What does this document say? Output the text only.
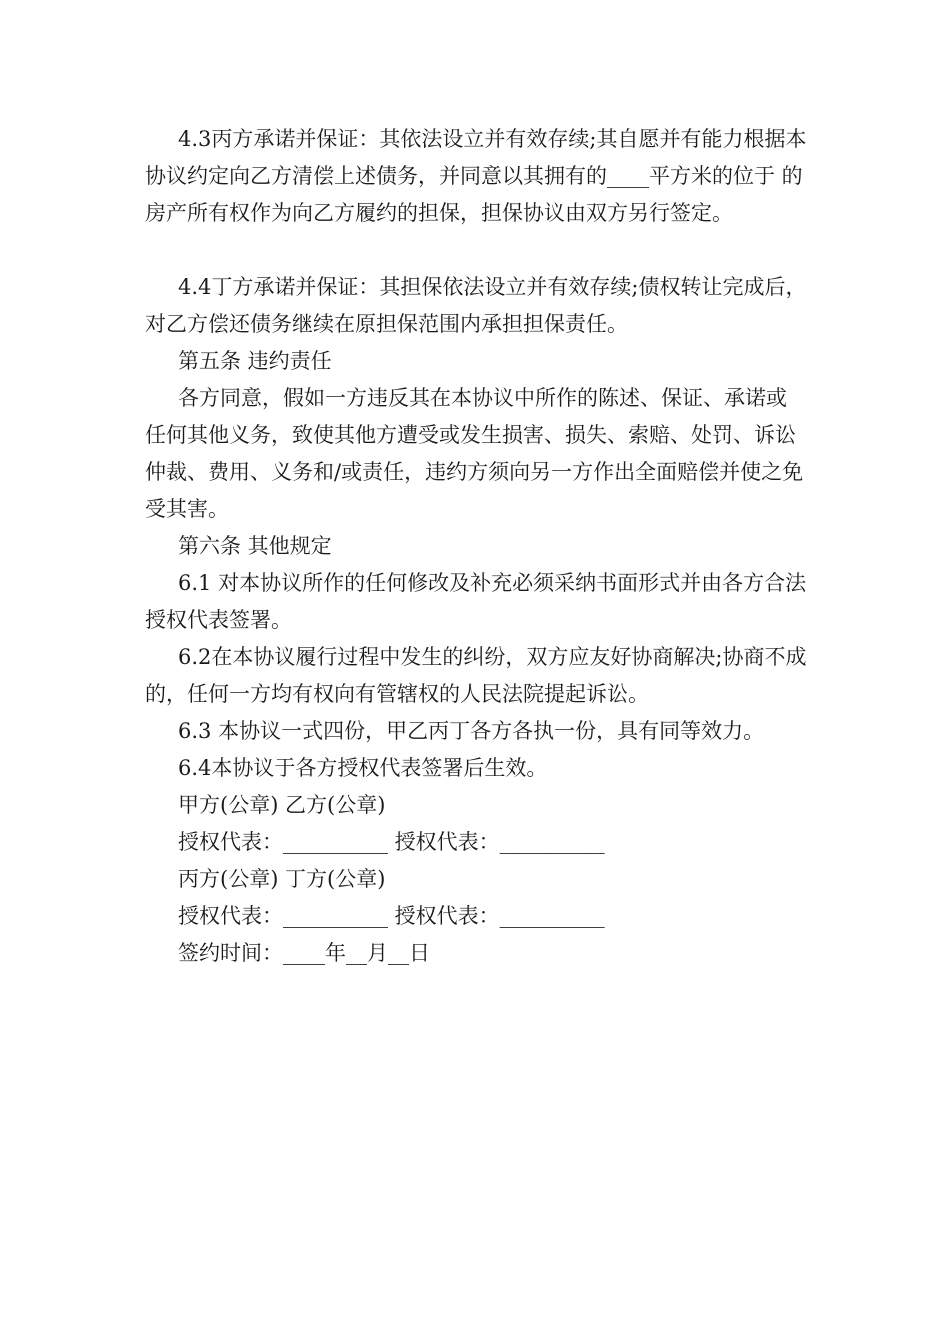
4.3丙方承诺并保证：其依法设立并有效存续;其自愿并有能力根据本协议约定向乙方清偿上述债务，并同意以其拥有的____平方米的位于 的房产所有权作为向乙方履约的担保，担保协议由双方另行签定。

4.4丁方承诺并保证：其担保依法设立并有效存续;债权转让完成后，对乙方偿还债务继续在原担保范围内承担担保责任。

第五条 违约责任

各方同意，假如一方违反其在本协议中所作的陈述、保证、承诺或任何其他义务，致使其他方遭受或发生损害、损失、索赔、处罚、诉讼仲裁、费用、义务和/或责任，违约方须向另一方作出全面赔偿并使之免受其害。

第六条 其他规定

6.1 对本协议所作的任何修改及补充必须采纳书面形式并由各方合法授权代表签署。

6.2在本协议履行过程中发生的纠纷，双方应友好协商解决;协商不成的，任何一方均有权向有管辖权的人民法院提起诉讼。

6.3 本协议一式四份，甲乙丙丁各方各执一份，具有同等效力。

6.4本协议于各方授权代表签署后生效。

甲方(公章) 乙方(公章)

授权代表：__________ 授权代表：__________

丙方(公章) 丁方(公章)

授权代表：__________ 授权代表：__________

签约时间：____年__月__日
